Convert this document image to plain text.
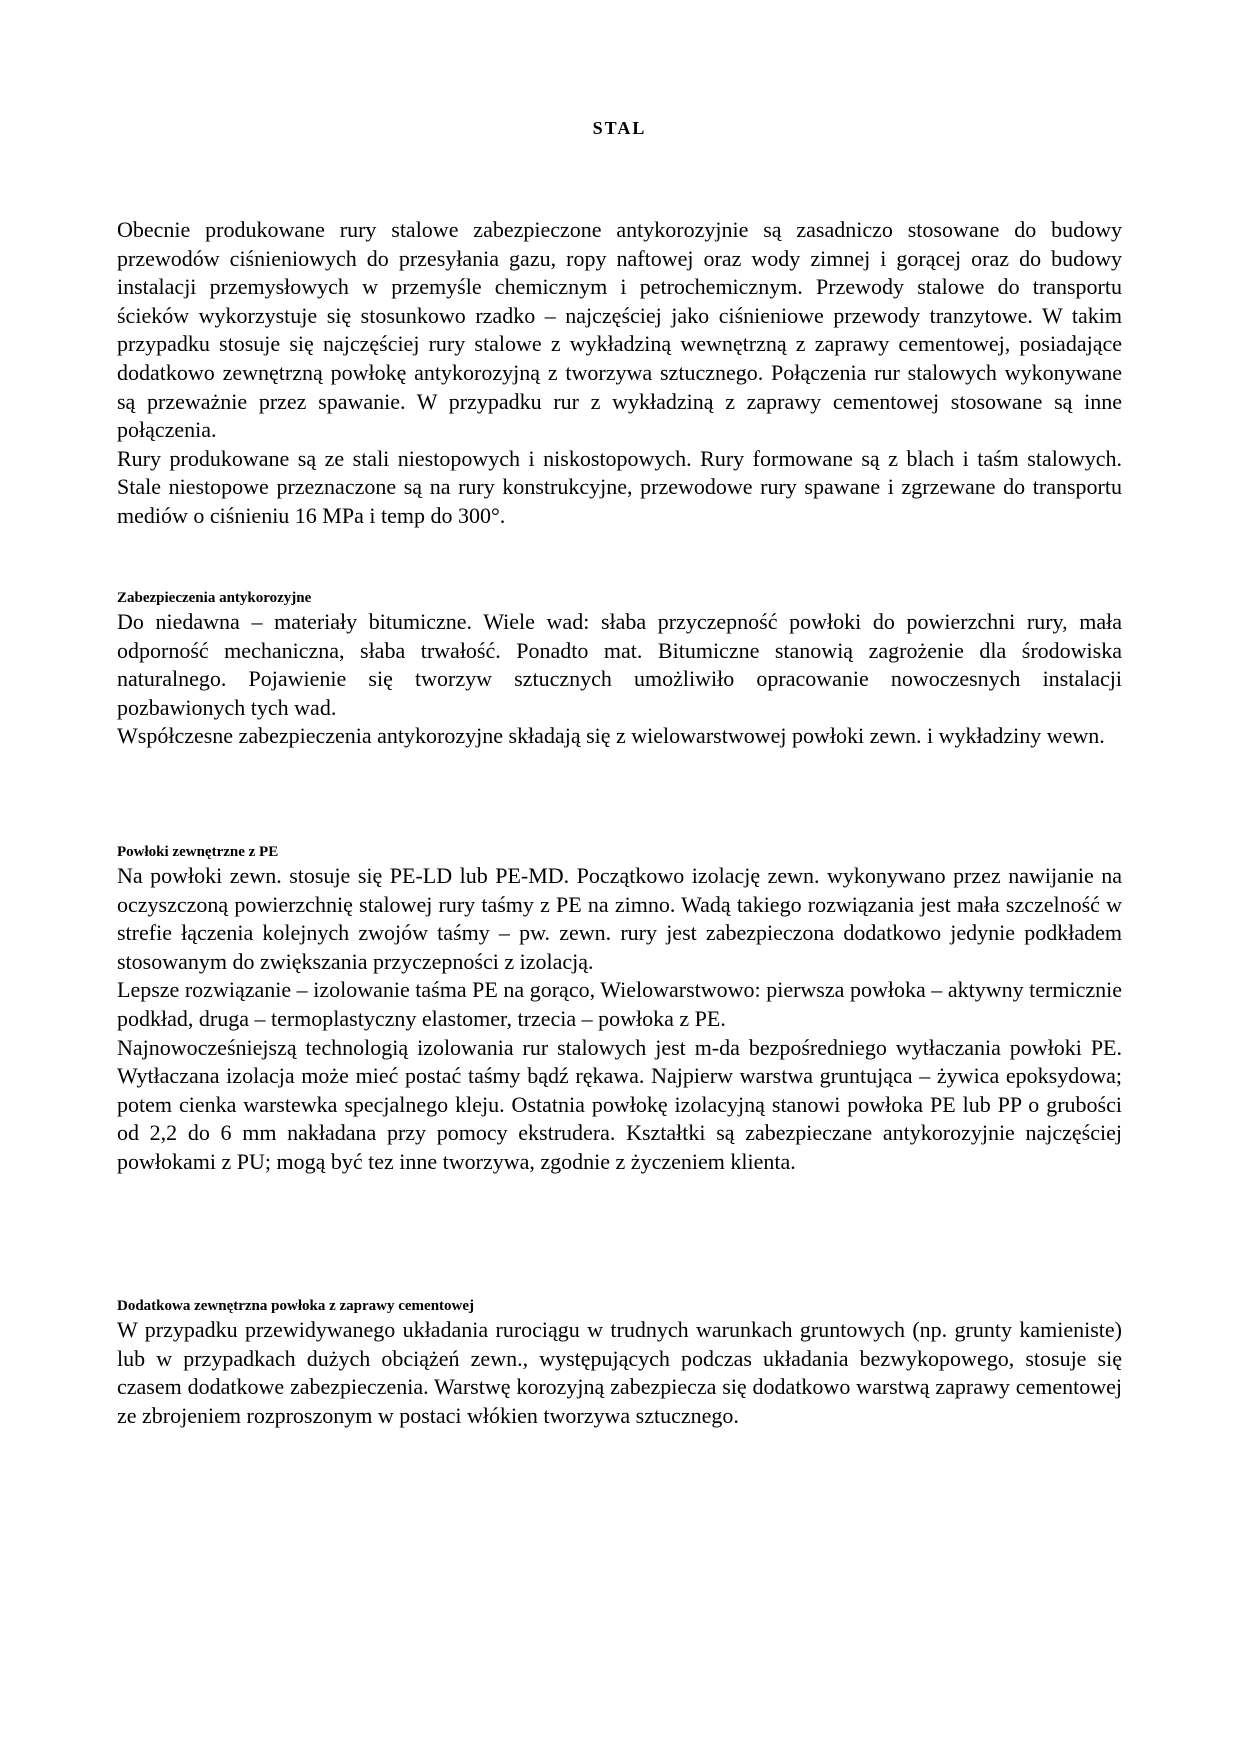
STAL

Obecnie produkowane rury stalowe zabezpieczone antykorozyjnie są zasadniczo stosowane do budowy przewodów ciśnieniowych do przesyłania gazu, ropy naftowej oraz wody zimnej i gorącej oraz do budowy instalacji przemysłowych w przemyśle chemicznym i petrochemicznym. Przewody stalowe do transportu ścieków wykorzystuje się stosunkowo rzadko – najczęściej jako ciśnieniowe przewody tranzytowe. W takim przypadku stosuje się najczęściej rury stalowe z wykładziną wewnętrzną z zaprawy cementowej, posiadające dodatkowo zewnętrzną powłokę antykorozyjną z tworzywa sztucznego. Połączenia rur stalowych wykonywane są przeważnie przez spawanie. W przypadku rur z wykładziną z zaprawy cementowej stosowane są inne połączenia.

Rury produkowane są ze stali niestopowych i niskostopowych. Rury formowane są z blach i taśm stalowych. Stale niestopowe przeznaczone są na rury konstrukcyjne, przewodowe rury spawane i zgrzewane do transportu mediów o ciśnieniu 16 MPa i temp do 300°.

Zabezpieczenia antykorozyjne

Do niedawna – materiały bitumiczne. Wiele wad: słaba przyczepność powłoki do powierzchni rury, mała odporność mechaniczna, słaba trwałość. Ponadto mat. Bitumiczne stanowią zagrożenie dla środowiska naturalnego. Pojawienie się tworzyw sztucznych umożliwiło opracowanie nowoczesnych instalacji pozbawionych tych wad.

Współczesne zabezpieczenia antykorozyjne składają się z wielowarstwowej powłoki zewn. i wykładziny wewn.

Powłoki zewnętrzne z PE

Na powłoki zewn. stosuje się PE-LD lub PE-MD. Początkowo izolację zewn. wykonywano przez nawijanie na oczyszczoną powierzchnię stalowej rury taśmy z PE na zimno. Wadą takiego rozwiązania jest mała szczelność w strefie łączenia kolejnych zwojów taśmy – pw. zewn. rury jest zabezpieczona dodatkowo jedynie podkładem stosowanym do zwiększania przyczepności z izolacją.

Lepsze rozwiązanie – izolowanie taśma PE na gorąco, Wielowarstwowo: pierwsza powłoka – aktywny termicznie podkład, druga – termoplastyczny elastomer, trzecia – powłoka z PE.

Najnowocześniejszą technologią izolowania rur stalowych jest m-da bezpośredniego wytłaczania powłoki PE. Wytłaczana izolacja może mieć postać taśmy bądź rękawa. Najpierw warstwa gruntująca – żywica epoksydowa; potem cienka warstewka specjalnego kleju. Ostatnia powłokę izolacyjną stanowi powłoka PE lub PP o grubości od 2,2 do 6 mm nakładana przy pomocy ekstrudera. Kształtki są zabezpieczane antykorozyjnie najczęściej powłokami z PU; mogą być tez inne tworzywa, zgodnie z życzeniem klienta.

Dodatkowa zewnętrzna powłoka z zaprawy cementowej

W przypadku przewidywanego układania rurociągu w trudnych warunkach gruntowych (np. grunty kamieniste) lub w przypadkach dużych obciążeń zewn., występujących podczas układania bezwykopowego, stosuje się czasem dodatkowe zabezpieczenia. Warstwę korozyjną zabezpiecza się dodatkowo warstwą zaprawy cementowej ze zbrojeniem rozproszonym w postaci włókien tworzywa sztucznego.
